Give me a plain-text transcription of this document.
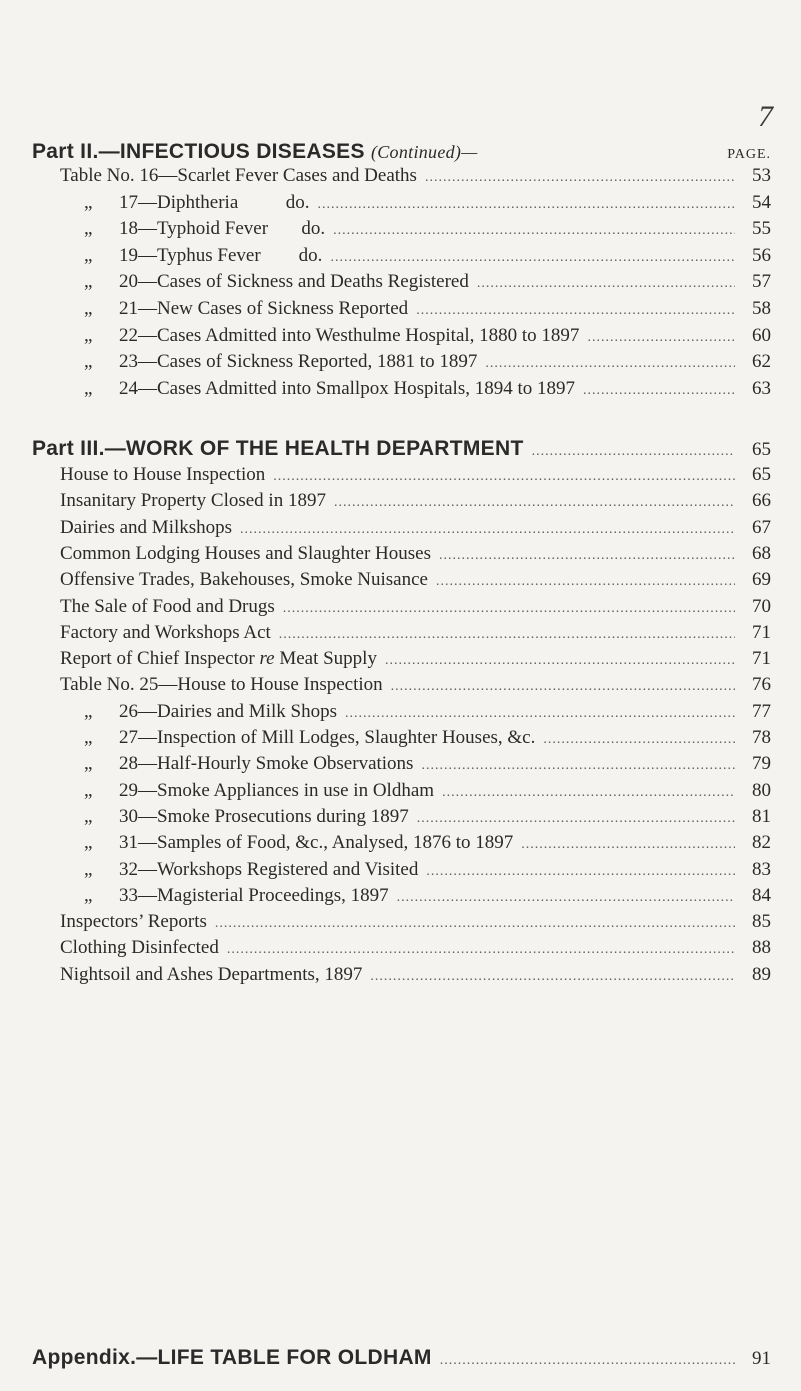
7
Part II.—INFECTIOUS DISEASES (Continued)—	PAGE.
Table No. 16 —Scarlet Fever Cases and Deaths .....	53
„	17—Diphtheria          do. .....	54
„	18—Typhoid Fever       do. .....	55
„	19—Typhus Fever        do. .....	56
„	20—Cases of Sickness and Deaths Registered .....	57
„	21—New Cases of Sickness Reported .....	58
„	22—Cases Admitted into Westhulme Hospital, 1880 to 1897 .....	60
„	23—Cases of Sickness Reported, 1881 to 1897 .....	62
„	24—Cases Admitted into Smallpox Hospitals, 1894 to 1897 .....	63
Part III.—WORK OF THE HEALTH DEPARTMENT .....	65
House to House Inspection .....	65
Insanitary Property Closed in 1897 .....	66
Dairies and Milkshops .....	67
Common Lodging Houses and Slaughter Houses .....	68
Offensive Trades, Bakehouses, Smoke Nuisance .....	69
The Sale of Food and Drugs .....	70
Factory and Workshops Act .....	71
Report of Chief Inspector re Meat Supply .....	71
Table No. 25—House to House Inspection .....	76
„	26—Dairies and Milk Shops .....	77
„	27—Inspection of Mill Lodges, Slaughter Houses, &c. .....	78
„	28—Half-Hourly Smoke Observations .....	79
„	29—Smoke Appliances in use in Oldham .....	80
„	30—Smoke Prosecutions during 1897 .....	81
„	31—Samples of Food, &c., Analysed, 1876 to 1897 .....	82
„	32—Workshops Registered and Visited .....	83
„	33—Magisterial Proceedings, 1897 .....	84
Inspectors’ Reports .....	85
Clothing Disinfected .....	88
Nightsoil and Ashes Departments, 1897 .....	89
Appendix.—LIFE TABLE FOR OLDHAM .....	91
